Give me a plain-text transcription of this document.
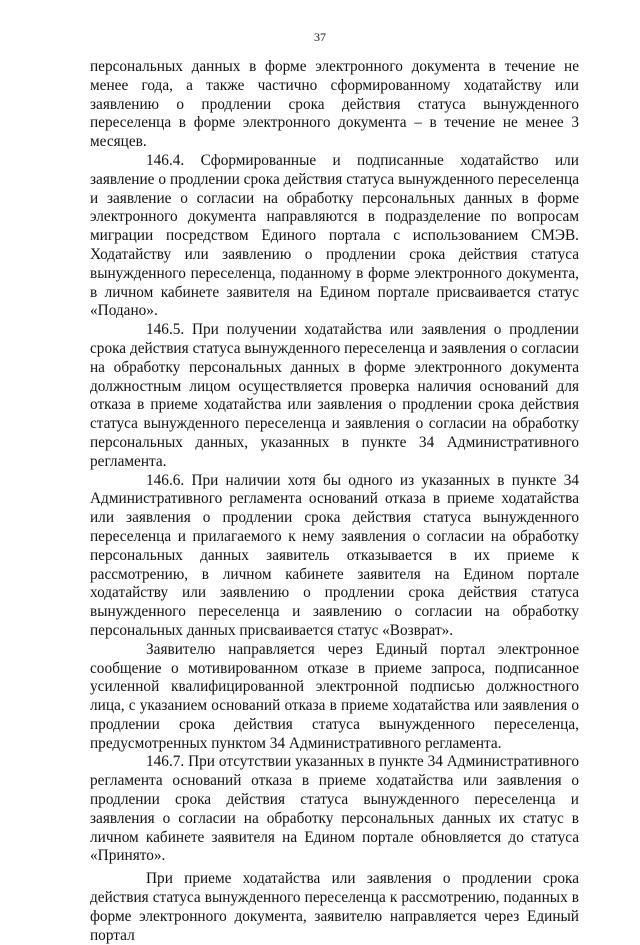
37

персональных данных в форме электронного документа в течение не менее года, а также частично сформированному ходатайству или заявлению о продлении срока действия статуса вынужденного переселенца в форме электронного документа – в течение не менее 3 месяцев.

146.4. Сформированные и подписанные ходатайство или заявление о продлении срока действия статуса вынужденного переселенца и заявление о согласии на обработку персональных данных в форме электронного документа направляются в подразделение по вопросам миграции посредством Единого портала с использованием СМЭВ. Ходатайству или заявлению о продлении срока действия статуса вынужденного переселенца, поданному в форме электронного документа, в личном кабинете заявителя на Едином портале присваивается статус «Подано».

146.5. При получении ходатайства или заявления о продлении срока действия статуса вынужденного переселенца и заявления о согласии на обработку персональных данных в форме электронного документа должностным лицом осуществляется проверка наличия оснований для отказа в приеме ходатайства или заявления о продлении срока действия статуса вынужденного переселенца и заявления о согласии на обработку персональных данных, указанных в пункте 34 Административного регламента.

146.6. При наличии хотя бы одного из указанных в пункте 34 Административного регламента оснований отказа в приеме ходатайства или заявления о продлении срока действия статуса вынужденного переселенца и прилагаемого к нему заявления о согласии на обработку персональных данных заявитель отказывается в их приеме к рассмотрению, в личном кабинете заявителя на Едином портале ходатайству или заявлению о продлении срока действия статуса вынужденного переселенца и заявлению о согласии на обработку персональных данных присваивается статус «Возврат».

Заявителю направляется через Единый портал электронное сообщение о мотивированном отказе в приеме запроса, подписанное усиленной квалифицированной электронной подписью должностного лица, с указанием оснований отказа в приеме ходатайства или заявления о продлении срока действия статуса вынужденного переселенца, предусмотренных пунктом 34 Административного регламента.

146.7. При отсутствии указанных в пункте 34 Административного регламента оснований отказа в приеме ходатайства или заявления о продлении срока действия статуса вынужденного переселенца и заявления о согласии на обработку персональных данных их статус в личном кабинете заявителя на Едином портале обновляется до статуса «Принято».

При приеме ходатайства или заявления о продлении срока действия статуса вынужденного переселенца к рассмотрению, поданных в форме электронного документа, заявителю направляется через Единый портал
